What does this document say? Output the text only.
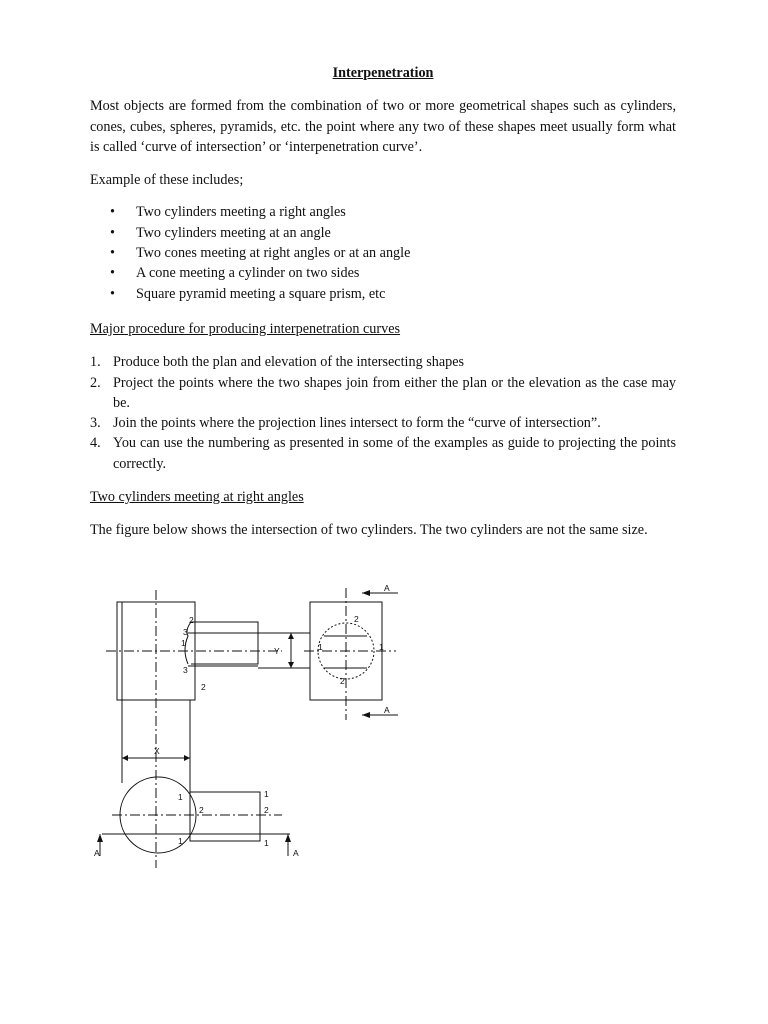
Interpenetration

Most objects are formed from the combination of two or more geometrical shapes such as cylinders, cones, cubes, spheres, pyramids, etc. the point where any two of these shapes meet usually form what is called ‘curve of intersection’ or ‘interpenetration curve’.

Example of these includes;

• Two cylinders meeting a right angles
• Two cylinders meeting at an angle
• Two cones meeting at right angles or at an angle
• A cone meeting a cylinder on two sides
• Square pyramid meeting a square prism, etc

Major procedure for producing interpenetration curves

1. Produce both the plan and elevation of the intersecting shapes
2. Project the points where the two shapes join from either the plan or the elevation as the case may be.
3. Join the points where the projection lines intersect to form the “curve of intersection”.
4. You can use the numbering as presented in some of the examples as guide to projecting the points correctly.

Two cylinders meeting at right angles

The figure below shows the intersection of two cylinders. The two cylinders are not the same size.

2
3
1
3
2
Y
2
1	1
2
A
A
X
1
2
1
1
2
1
A	A
